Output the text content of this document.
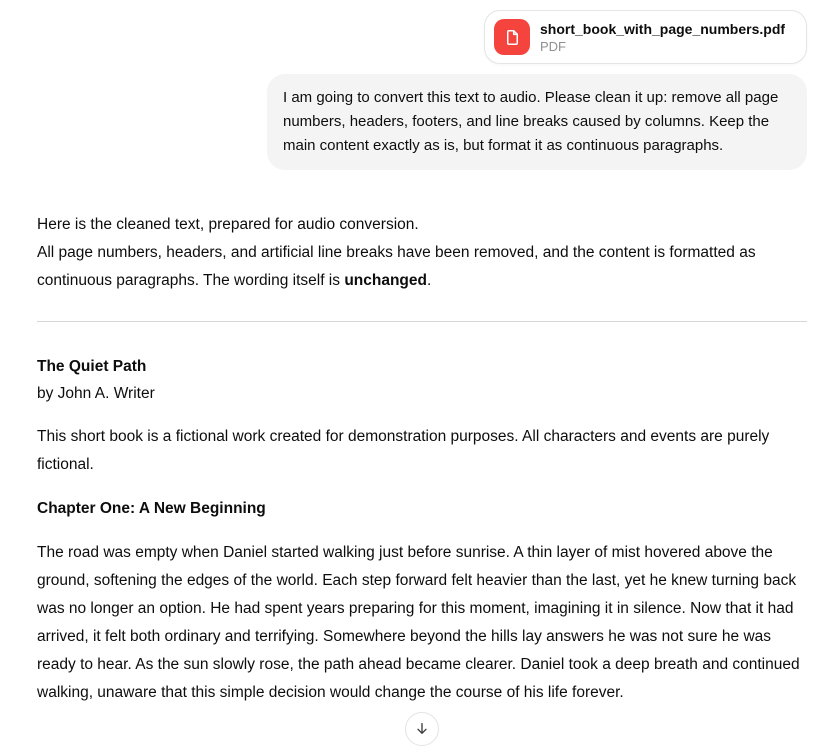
short_book_with_page_numbers.pdf
PDF
I am going to convert this text to audio. Please clean it up: remove all page numbers, headers, footers, and line breaks caused by columns. Keep the main content exactly as is, but format it as continuous paragraphs.

Here is the cleaned text, prepared for audio conversion.
All page numbers, headers, and artificial line breaks have been removed, and the content is formatted as continuous paragraphs. The wording itself is unchanged.

The Quiet Path
by John A. Writer

This short book is a fictional work created for demonstration purposes. All characters and events are purely fictional.

Chapter One: A New Beginning

The road was empty when Daniel started walking just before sunrise. A thin layer of mist hovered above the ground, softening the edges of the world. Each step forward felt heavier than the last, yet he knew turning back was no longer an option. He had spent years preparing for this moment, imagining it in silence. Now that it had arrived, it felt both ordinary and terrifying. Somewhere beyond the hills lay answers he was not sure he was ready to hear. As the sun slowly rose, the path ahead became clearer. Daniel took a deep breath and continued walking, unaware that this simple decision would change the course of his life forever.
